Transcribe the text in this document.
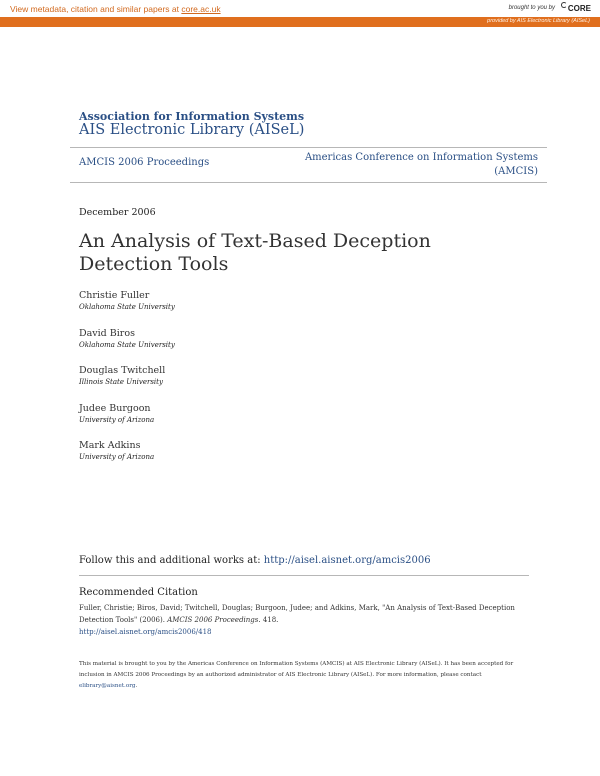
View metadata, citation and similar papers at core.ac.uk	brought to you by CORE
provided by AIS Electronic Library (AISeL)
Association for Information Systems
AIS Electronic Library (AISeL)
AMCIS 2006 Proceedings	Americas Conference on Information Systems
(AMCIS)
December 2006
An Analysis of Text-Based Deception Detection Tools
Christie Fuller
Oklahoma State University
David Biros
Oklahoma State University
Douglas Twitchell
Illinois State University
Judee Burgoon
University of Arizona
Mark Adkins
University of Arizona
Follow this and additional works at: http://aisel.aisnet.org/amcis2006
Recommended Citation
Fuller, Christie; Biros, David; Twitchell, Douglas; Burgoon, Judee; and Adkins, Mark, "An Analysis of Text-Based Deception Detection Tools" (2006). AMCIS 2006 Proceedings. 418.
http://aisel.aisnet.org/amcis2006/418
This material is brought to you by the Americas Conference on Information Systems (AMCIS) at AIS Electronic Library (AISeL). It has been accepted for inclusion in AMCIS 2006 Proceedings by an authorized administrator of AIS Electronic Library (AISeL). For more information, please contact
elibrary@aisnet.org.
